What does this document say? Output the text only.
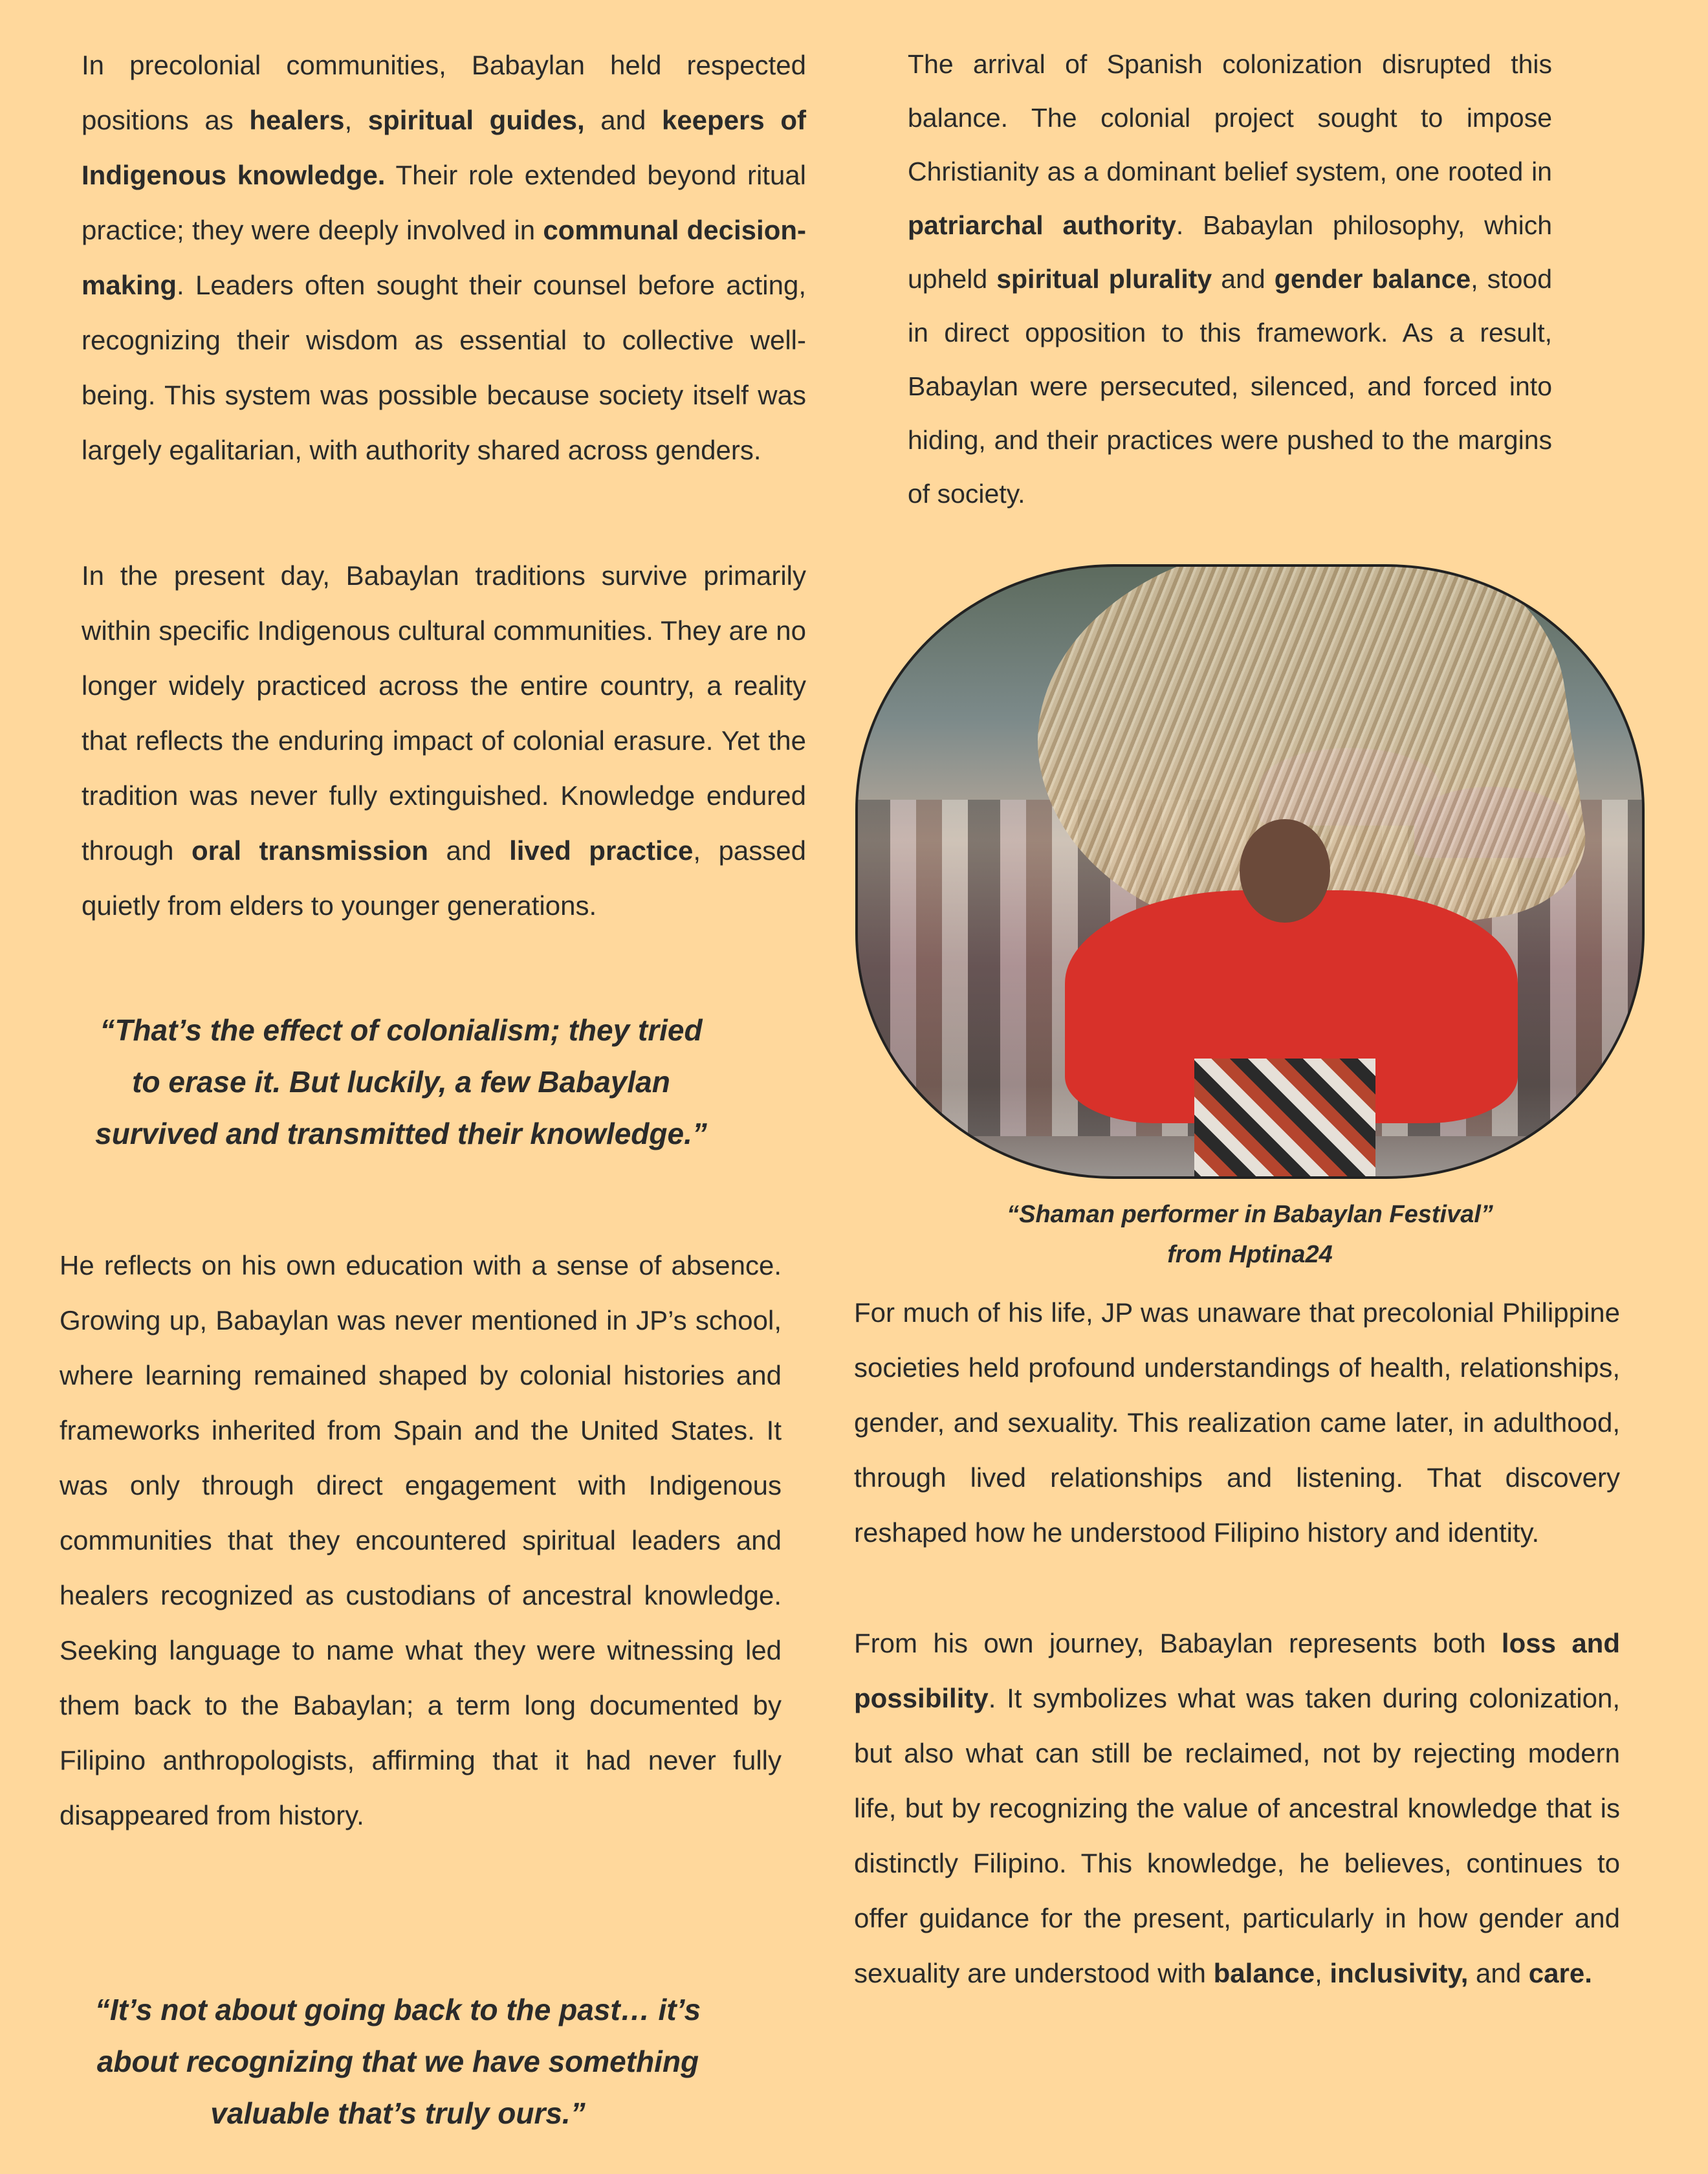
In precolonial communities, Babaylan held respected positions as healers, spiritual guides, and keepers of Indigenous knowledge. Their role extended beyond ritual practice; they were deeply involved in communal decision-making. Leaders often sought their counsel before acting, recognizing their wisdom as essential to collective well-being. This system was possible because society itself was largely egalitarian, with authority shared across genders.

In the present day, Babaylan traditions survive primarily within specific Indigenous cultural communities. They are no longer widely practiced across the entire country, a reality that reflects the enduring impact of colonial erasure. Yet the tradition was never fully extinguished. Knowledge endured through oral transmission and lived practice, passed quietly from elders to younger generations.

“That’s the effect of colonialism; they tried to erase it. But luckily, a few Babaylan survived and transmitted their knowledge.”

He reflects on his own education with a sense of absence. Growing up, Babaylan was never mentioned in JP’s school, where learning remained shaped by colonial histories and frameworks inherited from Spain and the United States. It was only through direct engagement with Indigenous communities that they encountered spiritual leaders and healers recognized as custodians of ancestral knowledge. Seeking language to name what they were witnessing led them back to the Babaylan; a term long documented by Filipino anthropologists, affirming that it had never fully disappeared from history.

“It’s not about going back to the past… it’s about recognizing that we have something valuable that’s truly ours.”

The arrival of Spanish colonization disrupted this balance. The colonial project sought to impose Christianity as a dominant belief system, one rooted in patriarchal authority. Babaylan philosophy, which upheld spiritual plurality and gender balance, stood in direct opposition to this framework. As a result, Babaylan were persecuted, silenced, and forced into hiding, and their practices were pushed to the margins of society.

“Shaman performer in Babaylan Festival”

from Hptina24

For much of his life, JP was unaware that precolonial Philippine societies held profound understandings of health, relationships, gender, and sexuality. This realization came later, in adulthood, through lived relationships and listening. That discovery reshaped how he understood Filipino history and identity.

From his own journey, Babaylan represents both loss and possibility. It symbolizes what was taken during colonization, but also what can still be reclaimed, not by rejecting modern life, but by recognizing the value of ancestral knowledge that is distinctly Filipino. This knowledge, he believes, continues to offer guidance for the present, particularly in how gender and sexuality are understood with balance, inclusivity, and care.
